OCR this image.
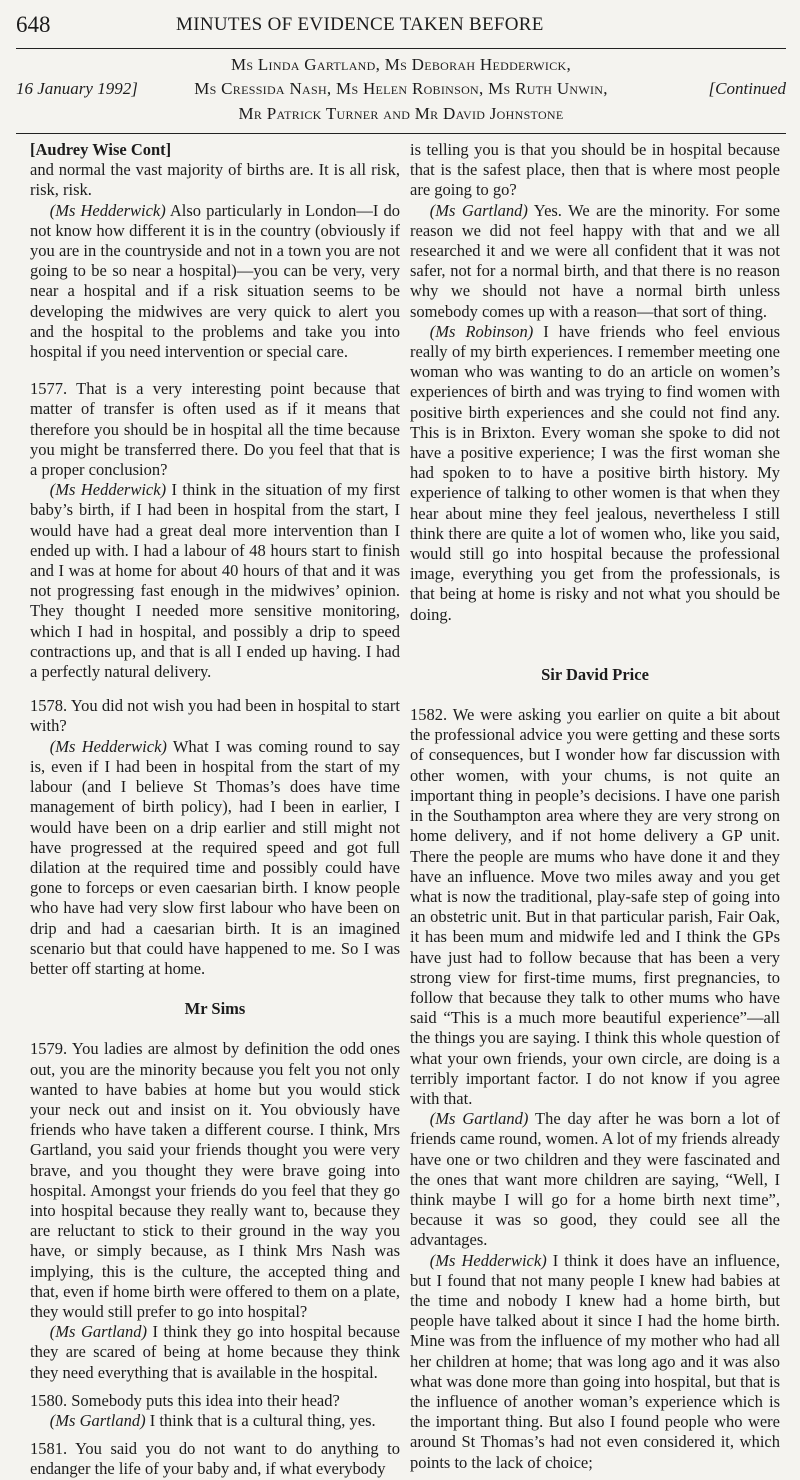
648	MINUTES OF EVIDENCE TAKEN BEFORE
Ms Linda Gartland, Ms Deborah Hedderwick,
16 January 1992]	Ms Cressida Nash, Ms Helen Robinson, Ms Ruth Unwin,	[Continued
Mr Patrick Turner and Mr David Johnstone

[Audrey Wise Cont]

and normal the vast majority of births are. It is all risk, risk, risk.

(Ms Hedderwick) Also particularly in London—I do not know how different it is in the country (obviously if you are in the countryside and not in a town you are not going to be so near a hospital)—you can be very, very near a hospital and if a risk situation seems to be developing the midwives are very quick to alert you and the hospital to the problems and take you into hospital if you need intervention or special care.

1577. That is a very interesting point because that matter of transfer is often used as if it means that therefore you should be in hospital all the time because you might be transferred there. Do you feel that that is a proper conclusion?

(Ms Hedderwick) I think in the situation of my first baby’s birth, if I had been in hospital from the start, I would have had a great deal more intervention than I ended up with. I had a labour of 48 hours start to finish and I was at home for about 40 hours of that and it was not progressing fast enough in the midwives’ opinion. They thought I needed more sensitive monitoring, which I had in hospital, and possibly a drip to speed contractions up, and that is all I ended up having. I had a perfectly natural delivery.

1578. You did not wish you had been in hospital to start with?

(Ms Hedderwick) What I was coming round to say is, even if I had been in hospital from the start of my labour (and I believe St Thomas’s does have time management of birth policy), had I been in earlier, I would have been on a drip earlier and still might not have progressed at the required speed and got full dilation at the required time and possibly could have gone to forceps or even caesarian birth. I know people who have had very slow first labour who have been on drip and had a caesarian birth. It is an imagined scenario but that could have happened to me. So I was better off starting at home.

Mr Sims

1579. You ladies are almost by definition the odd ones out, you are the minority because you felt you not only wanted to have babies at home but you would stick your neck out and insist on it. You obviously have friends who have taken a different course. I think, Mrs Gartland, you said your friends thought you were very brave, and you thought they were brave going into hospital. Amongst your friends do you feel that they go into hospital because they really want to, because they are reluctant to stick to their ground in the way you have, or simply because, as I think Mrs Nash was implying, this is the culture, the accepted thing and that, even if home birth were offered to them on a plate, they would still prefer to go into hospital?

(Ms Gartland) I think they go into hospital because they are scared of being at home because they think they need everything that is available in the hospital.

1580. Somebody puts this idea into their head?

(Ms Gartland) I think that is a cultural thing, yes.

1581. You said you do not want to do anything to endanger the life of your baby and, if what everybody

is telling you is that you should be in hospital because that is the safest place, then that is where most people are going to go?

(Ms Gartland) Yes. We are the minority. For some reason we did not feel happy with that and we all researched it and we were all confident that it was not safer, not for a normal birth, and that there is no reason why we should not have a normal birth unless somebody comes up with a reason—that sort of thing.

(Ms Robinson) I have friends who feel envious really of my birth experiences. I remember meeting one woman who was wanting to do an article on women’s experiences of birth and was trying to find women with positive birth experiences and she could not find any. This is in Brixton. Every woman she spoke to did not have a positive experience; I was the first woman she had spoken to to have a positive birth history. My experience of talking to other women is that when they hear about mine they feel jealous, nevertheless I still think there are quite a lot of women who, like you said, would still go into hospital because the professional image, everything you get from the professionals, is that being at home is risky and not what you should be doing.

Sir David Price

1582. We were asking you earlier on quite a bit about the professional advice you were getting and these sorts of consequences, but I wonder how far discussion with other women, with your chums, is not quite an important thing in people’s decisions. I have one parish in the Southampton area where they are very strong on home delivery, and if not home delivery a GP unit. There the people are mums who have done it and they have an influence. Move two miles away and you get what is now the traditional, play-safe step of going into an obstetric unit. But in that particular parish, Fair Oak, it has been mum and midwife led and I think the GPs have just had to follow because that has been a very strong view for first-time mums, first pregnancies, to follow that because they talk to other mums who have said “This is a much more beautiful experience”—all the things you are saying. I think this whole question of what your own friends, your own circle, are doing is a terribly important factor. I do not know if you agree with that.

(Ms Gartland) The day after he was born a lot of friends came round, women. A lot of my friends already have one or two children and they were fascinated and the ones that want more children are saying, “Well, I think maybe I will go for a home birth next time”, because it was so good, they could see all the advantages.

(Ms Hedderwick) I think it does have an influence, but I found that not many people I knew had babies at the time and nobody I knew had a home birth, but people have talked about it since I had the home birth. Mine was from the influence of my mother who had all her children at home; that was long ago and it was also what was done more than going into hospital, but that is the influence of another woman’s experience which is the important thing. But also I found people who were around St Thomas’s had not even considered it, which points to the lack of choice;
